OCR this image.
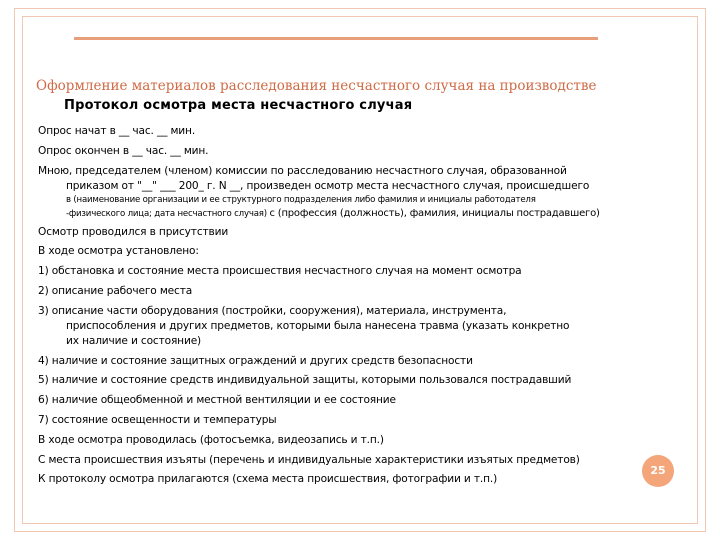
Оформление материалов расследования несчастного случая на производстве
Протокол осмотра места несчастного случая
Опрос начат в __ час. __ мин.
Опрос окончен в __ час. __ мин.
Мною, председателем (членом) комиссии по расследованию несчастного случая, образованной
приказом от "__" ___ 200_ г. N __, произведен осмотр места несчастного случая, происшедшего
в (наименование организации и ее структурного подразделения либо фамилия и инициалы работодателя
-физического лица; дата несчастного случая) с (профессия (должность), фамилия, инициалы пострадавшего)
Осмотр проводился в присутствии
В ходе осмотра установлено:
1) обстановка и состояние места происшествия несчастного случая на момент осмотра
2) описание рабочего места
3) описание части оборудования (постройки, сооружения), материала, инструмента,
приспособления и других предметов, которыми была нанесена травма (указать конкретно
их наличие и состояние)
4) наличие и состояние защитных ограждений и других средств безопасности
5) наличие и состояние средств индивидуальной защиты, которыми пользовался пострадавший
6) наличие общеобменной и местной вентиляции и ее состояние
7) состояние освещенности и температуры
В ходе осмотра проводилась (фотосъемка, видеозапись и т.п.)
С места происшествия изъяты (перечень и индивидуальные характеристики изъятых предметов)
К протоколу осмотра прилагаются (схема места происшествия, фотографии и т.п.)
25
